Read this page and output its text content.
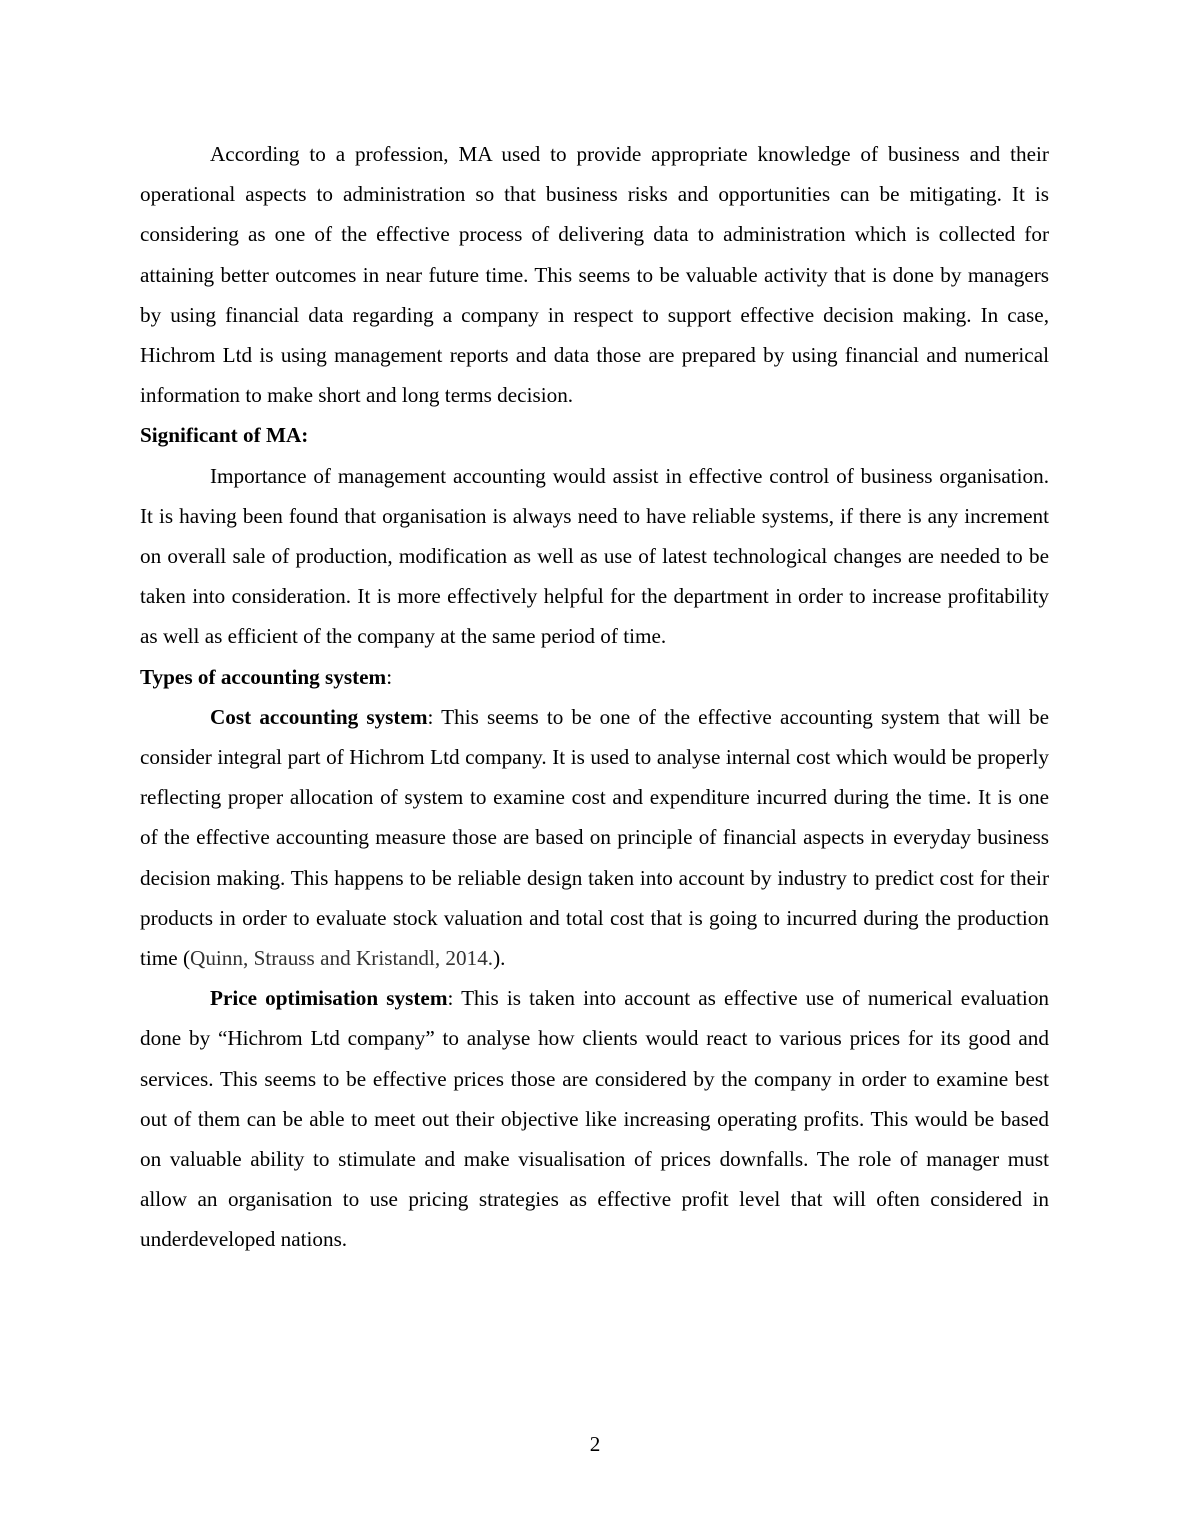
According to a profession, MA used to provide appropriate knowledge of business and their operational aspects to administration so that business risks and opportunities can be mitigating. It is considering as one of the effective process of delivering data to administration which is collected for attaining better outcomes in near future time. This seems to be valuable activity that is done by managers by using financial data regarding a company in respect to support effective decision making. In case, Hichrom Ltd is using management reports and data those are prepared by using financial and numerical information to make short and long terms decision.

Significant of MA:

Importance of management accounting would assist in effective control of business organisation. It is having been found that organisation is always need to have reliable systems, if there is any increment on overall sale of production, modification as well as use of latest technological changes are needed to be taken into consideration. It is more effectively helpful for the department in order to increase profitability as well as efficient of the company at the same period of time.

Types of accounting system:

Cost accounting system: This seems to be one of the effective accounting system that will be consider integral part of Hichrom Ltd company. It is used to analyse internal cost which would be properly reflecting proper allocation of system to examine cost and expenditure incurred during the time. It is one of the effective accounting measure those are based on principle of financial aspects in everyday business decision making. This happens to be reliable design taken into account by industry to predict cost for their products in order to evaluate stock valuation and total cost that is going to incurred during the production time (Quinn, Strauss and Kristandl, 2014.).

Price optimisation system: This is taken into account as effective use of numerical evaluation done by “Hichrom Ltd company” to analyse how clients would react to various prices for its good and services. This seems to be effective prices those are considered by the company in order to examine best out of them can be able to meet out their objective like increasing operating profits. This would be based on valuable ability to stimulate and make visualisation of prices downfalls. The role of manager must allow an organisation to use pricing strategies as effective profit level that will often considered in underdeveloped nations.

2
